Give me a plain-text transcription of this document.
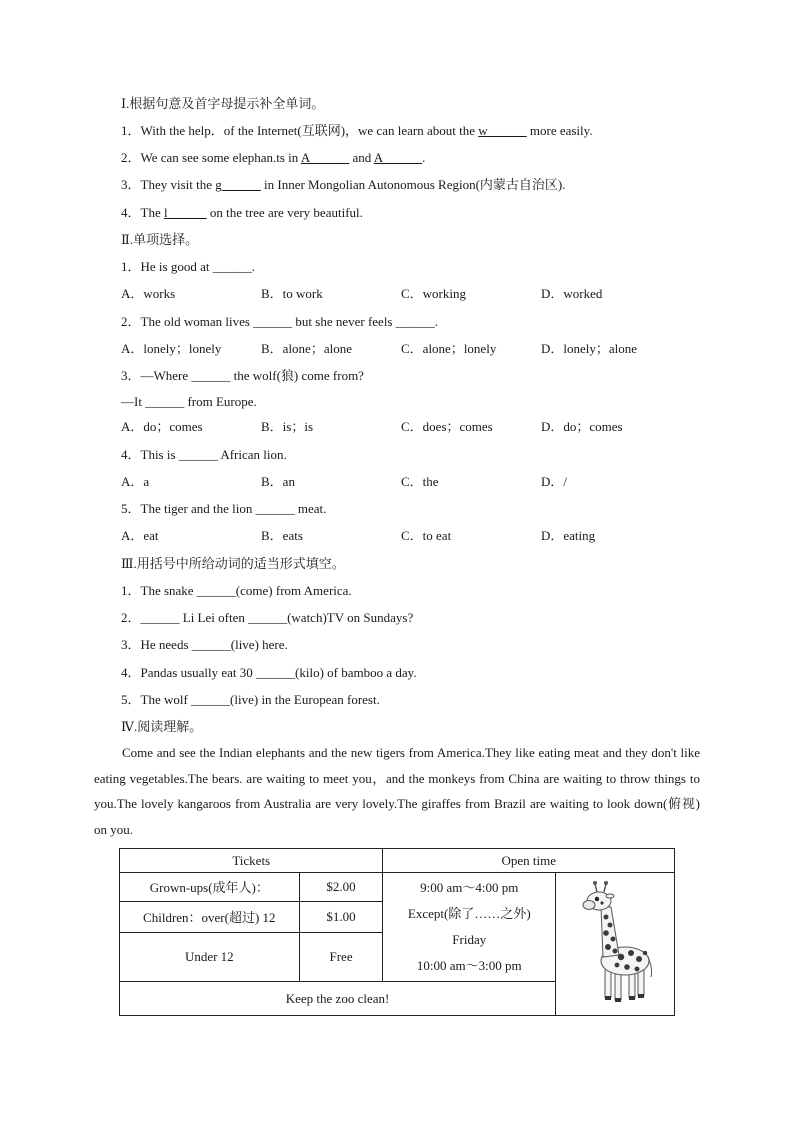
Ⅰ.根据句意及首字母提示补全单词。
1．With the help．of the Internet(互联网)，we can learn about the w______ more easily.
2．We can see some elephan.ts in A______ and A______.
3．They visit the g______ in Inner Mongolian Autonomous Region(内蒙古自治区).
4．The l______ on the tree are very beautiful.
Ⅱ.单项选择。
1．He is good at ______.
A．works	B．to work	C．working	D．worked
2．The old woman lives ______ but she never feels ______.
A．lonely；lonely	B．alone；alone	C．alone；lonely	D．lonely；alone
3．—Where ______ the wolf(狼) come from?
—It ______ from Europe.
A．do；comes	B．is；is	C．does；comes	D．do；comes
4．This is ______ African lion.
A．a	B．an	C．the	D．/
5．The tiger and the lion ______ meat.
A．eat	B．eats	C．to eat	D．eating
Ⅲ.用括号中所给动词的适当形式填空。
1．The snake ______(come) from America.
2．______ Li Lei often ______(watch)TV on Sundays?
3．He needs ______(live) here.
4．Pandas usually eat 30 ______(kilo) of bamboo a day.
5．The wolf ______(live) in the European forest.
Ⅳ.阅读理解。

Come and see the Indian elephants and the new tigers from America.They like eating meat and they don't like eating vegetables.The bears. are waiting to meet you，and the monkeys from China are waiting to throw things to you.The lovely kangaroos from Australia are very lovely.The giraffes from Brazil are waiting to look down(俯视) on you.

Tickets		Open time	
Grown-ups(成年人)：	$2.00	9:00 am～4:00 pm
Except(除了……之外)
Friday
10:00 am～3:00 pm

Children：over(超过) 12	$1.00		
Under 12	Free		
Keep the zoo clean!			
